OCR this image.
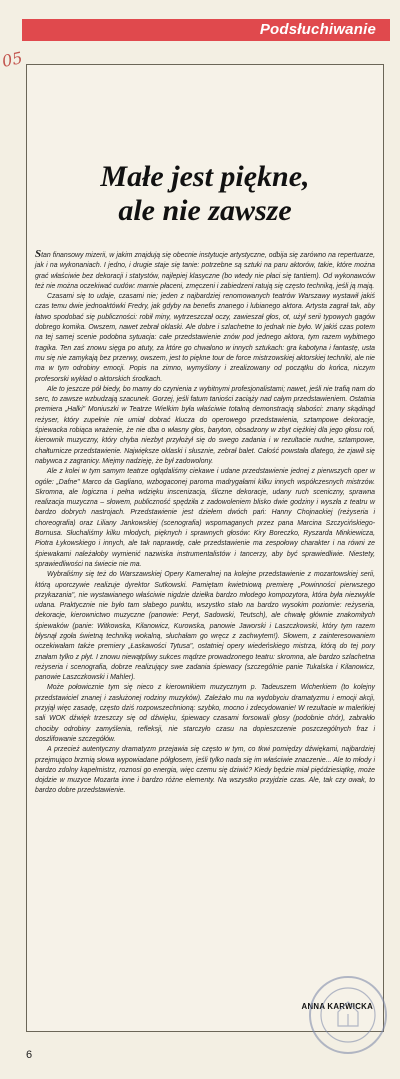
Podsłuchiwanie
05
Małe jest piękne,
ale nie zawsze

Stan finansowy mizerii, w jakim znajdują się obecnie instytucje artystyczne, odbija się zarówno na repertuarze, jak i na wykonaniach. I jedno, i drugie staje się tanie: potrzebne są sztuki na paru aktorów, takie, które można grać właściwie bez dekoracji i statystów, najlepiej klasyczne (bo wtedy nie płaci się tantiem). Od wykonawców też nie można oczekiwać cudów: marnie płaceni, zmęczeni i zabiedzeni ratują się często techniką, jeśli ją mają.

Czasami się to udaje, czasami nie; jeden z najbardziej renomowanych teatrów Warszawy wystawił jakiś czas temu dwie jednoaktówki Fredry, jak gdyby na benefis znanego i lubianego aktora. Artysta zagrał tak, aby łatwo spodobać się publiczności: robił miny, wytrzeszczał oczy, zawieszał głos, ot, użył serii typowych gagów dobrego komika. Owszem, nawet zebrał oklaski. Ale dobre i szlachetne to jednak nie było. W jakiś czas potem na tej samej scenie podobna sytuacja: całe przedstawienie znów pod jednego aktora, tym razem wybitnego tragika. Ten zaś znowu sięga po atuty, za które go chwalono w innych sztukach: gra kabotyna i fantastę, usta mu się nie zamykają bez przerwy, owszem, jest to piękne tour de force mistrzowskiej aktorskiej techniki, ale nie ma w tym odrobiny emocji. Popis na zimno, wymyślony i zrealizowany od początku do końca, niczym profesorski wykład o aktorskich środkach.

Ale to jeszcze pół biedy, bo mamy do czynienia z wybitnymi profesjonalistami; nawet, jeśli nie trafią nam do serc, to zawsze wzbudzają szacunek. Gorzej, jeśli fatum taniości zaciąży nad całym przedstawieniem. Ostatnia premiera „Halki" Moniuszki w Teatrze Wielkim była właściwie totalną demonstracją słabości: znany skądinąd reżyser, który zupełnie nie umiał dobrać klucza do operowego przedstawienia, sztampowe dekoracje, śpiewacka robiąca wrażenie, że nie dba o własny głos, baryton, obsadzony w zbyt ciężkiej dla jego głosu roli, kierownik muzyczny, który chyba niezbyt przyłożył się do swego zadania i w rezultacie nudne, sztampowe, chałturnicze przedstawienie. Największe oklaski i słusznie, zebrał balet. Całość powstała dlatego, że zjawił się nabywca z zagranicy. Miejmy nadzieję, że był zadowolony.

Ale z kolei w tym samym teatrze oglądaliśmy ciekawe i udane przedstawienie jednej z pierwszych oper w ogóle: „Dafne" Marco da Gagliano, wzbogaconej paroma madrygałami kilku innych współczesnych mistrzów. Skromna, ale logiczna i pełna wdzięku inscenizacja, śliczne dekoracje, udany ruch sceniczny, sprawna realizacja muzyczna – słowem, publiczność spędziła z zadowoleniem blisko dwie godziny i wyszła z teatru w bardzo dobrych nastrojach. Przedstawienie jest dziełem dwóch pań: Hanny Chojnackiej (reżyseria i choreografia) oraz Liliany Jankowskiej (scenografia) wspomaganych przez pana Marcina Szczycińskiego-Bornusa. Słuchaliśmy kilku młodych, pięknych i sprawnych głosów: Kiry Boreczko, Ryszarda Minkiewicza, Piotra Łykowskiego i innych, ale tak naprawdę, całe przedstawienie ma zespołowy charakter i na równi ze śpiewakami należałoby wymienić nazwiska instrumentalistów i tancerzy, aby być sprawiedliwie. Niestety, sprawiedliwości na świecie nie ma.

Wybraliśmy się też do Warszawskiej Opery Kameralnej na kolejne przedstawienie z mozartowskiej serii, którą uporczywie realizuje dyrektor Sutkowski. Pamiętam kwietniową premierę „Powinności pierwszego przykazania", nie wystawianego właściwie nigdzie dziełka bardzo młodego kompozytora, która była niezwykle udana. Praktycznie nie było tam słabego punktu, wszystko stało na bardzo wysokim poziomie: reżyseria, dekoracje, kierownictwo muzyczne (panowie: Peryt, Sadowski, Teutsch), ale chwałę głównie znakomitych śpiewaków (panie: Witkowska, Kilanowicz, Kurowska, panowie Jaworski i Laszczkowski, który tym razem błysnął zgoła świetną techniką wokalną, słuchałam go wręcz z zachwytem!). Słowem, z zainteresowaniem oczekiwałam także premiery „Łaskawości Tytusa", ostatniej opery wiedeńskiego mistrza, którą do tej pory znałam tylko z płyt. I znowu niewątpliwy sukces mądrze prowadzonego teatru: skromna, ale bardzo szlachetna reżyseria i scenografia, dobrze realizujący swe zadania śpiewacy (szczególnie panie Tukalska i Kilanowicz, panowie Laszczkowski i Mahler).

Może połowicznie tym się nieco z kierownikiem muzycznym p. Tadeuszem Wicherkiem (to kolejny przedstawiciel znanej i zasłużonej rodziny muzyków). Zależało mu na wydobyciu dramatyzmu i emocji akcji, przyjął więc zasadę, często dziś rozpowszechnioną: szybko, mocno i zdecydowanie! W rezultacie w maleńkiej sali WOK dźwięk trzeszczy się od dźwięku, śpiewacy czasami forsowali głosy (podobnie chór), zabrakło chociby odrobiny zamyślenia, refleksji, nie starczyło czasu na dopieszczenie poszczególnych fraz i doszlifowanie szczegółów.

A przecież autentyczny dramatyzm przejawia się często w tym, co tkwi pomiędzy dźwiękami, najbardziej przejmująco brzmią słowa wypowiadane półgłosem, jeśli tylko nada się im właściwie znaczenie... Ale to młody i bardzo zdolny kapelmistrz, roznosi go energia, więc czemu się dziwić? Kiedy będzie miał pięćdziesiątkę, może dojdzie w muzyce Mozarta inne i bardzo różne elementy. Na wszystko przyjdzie czas. Ale, tak czy owak, to bardzo dobre przedstawienie.

ANNA KARWICKA
6
